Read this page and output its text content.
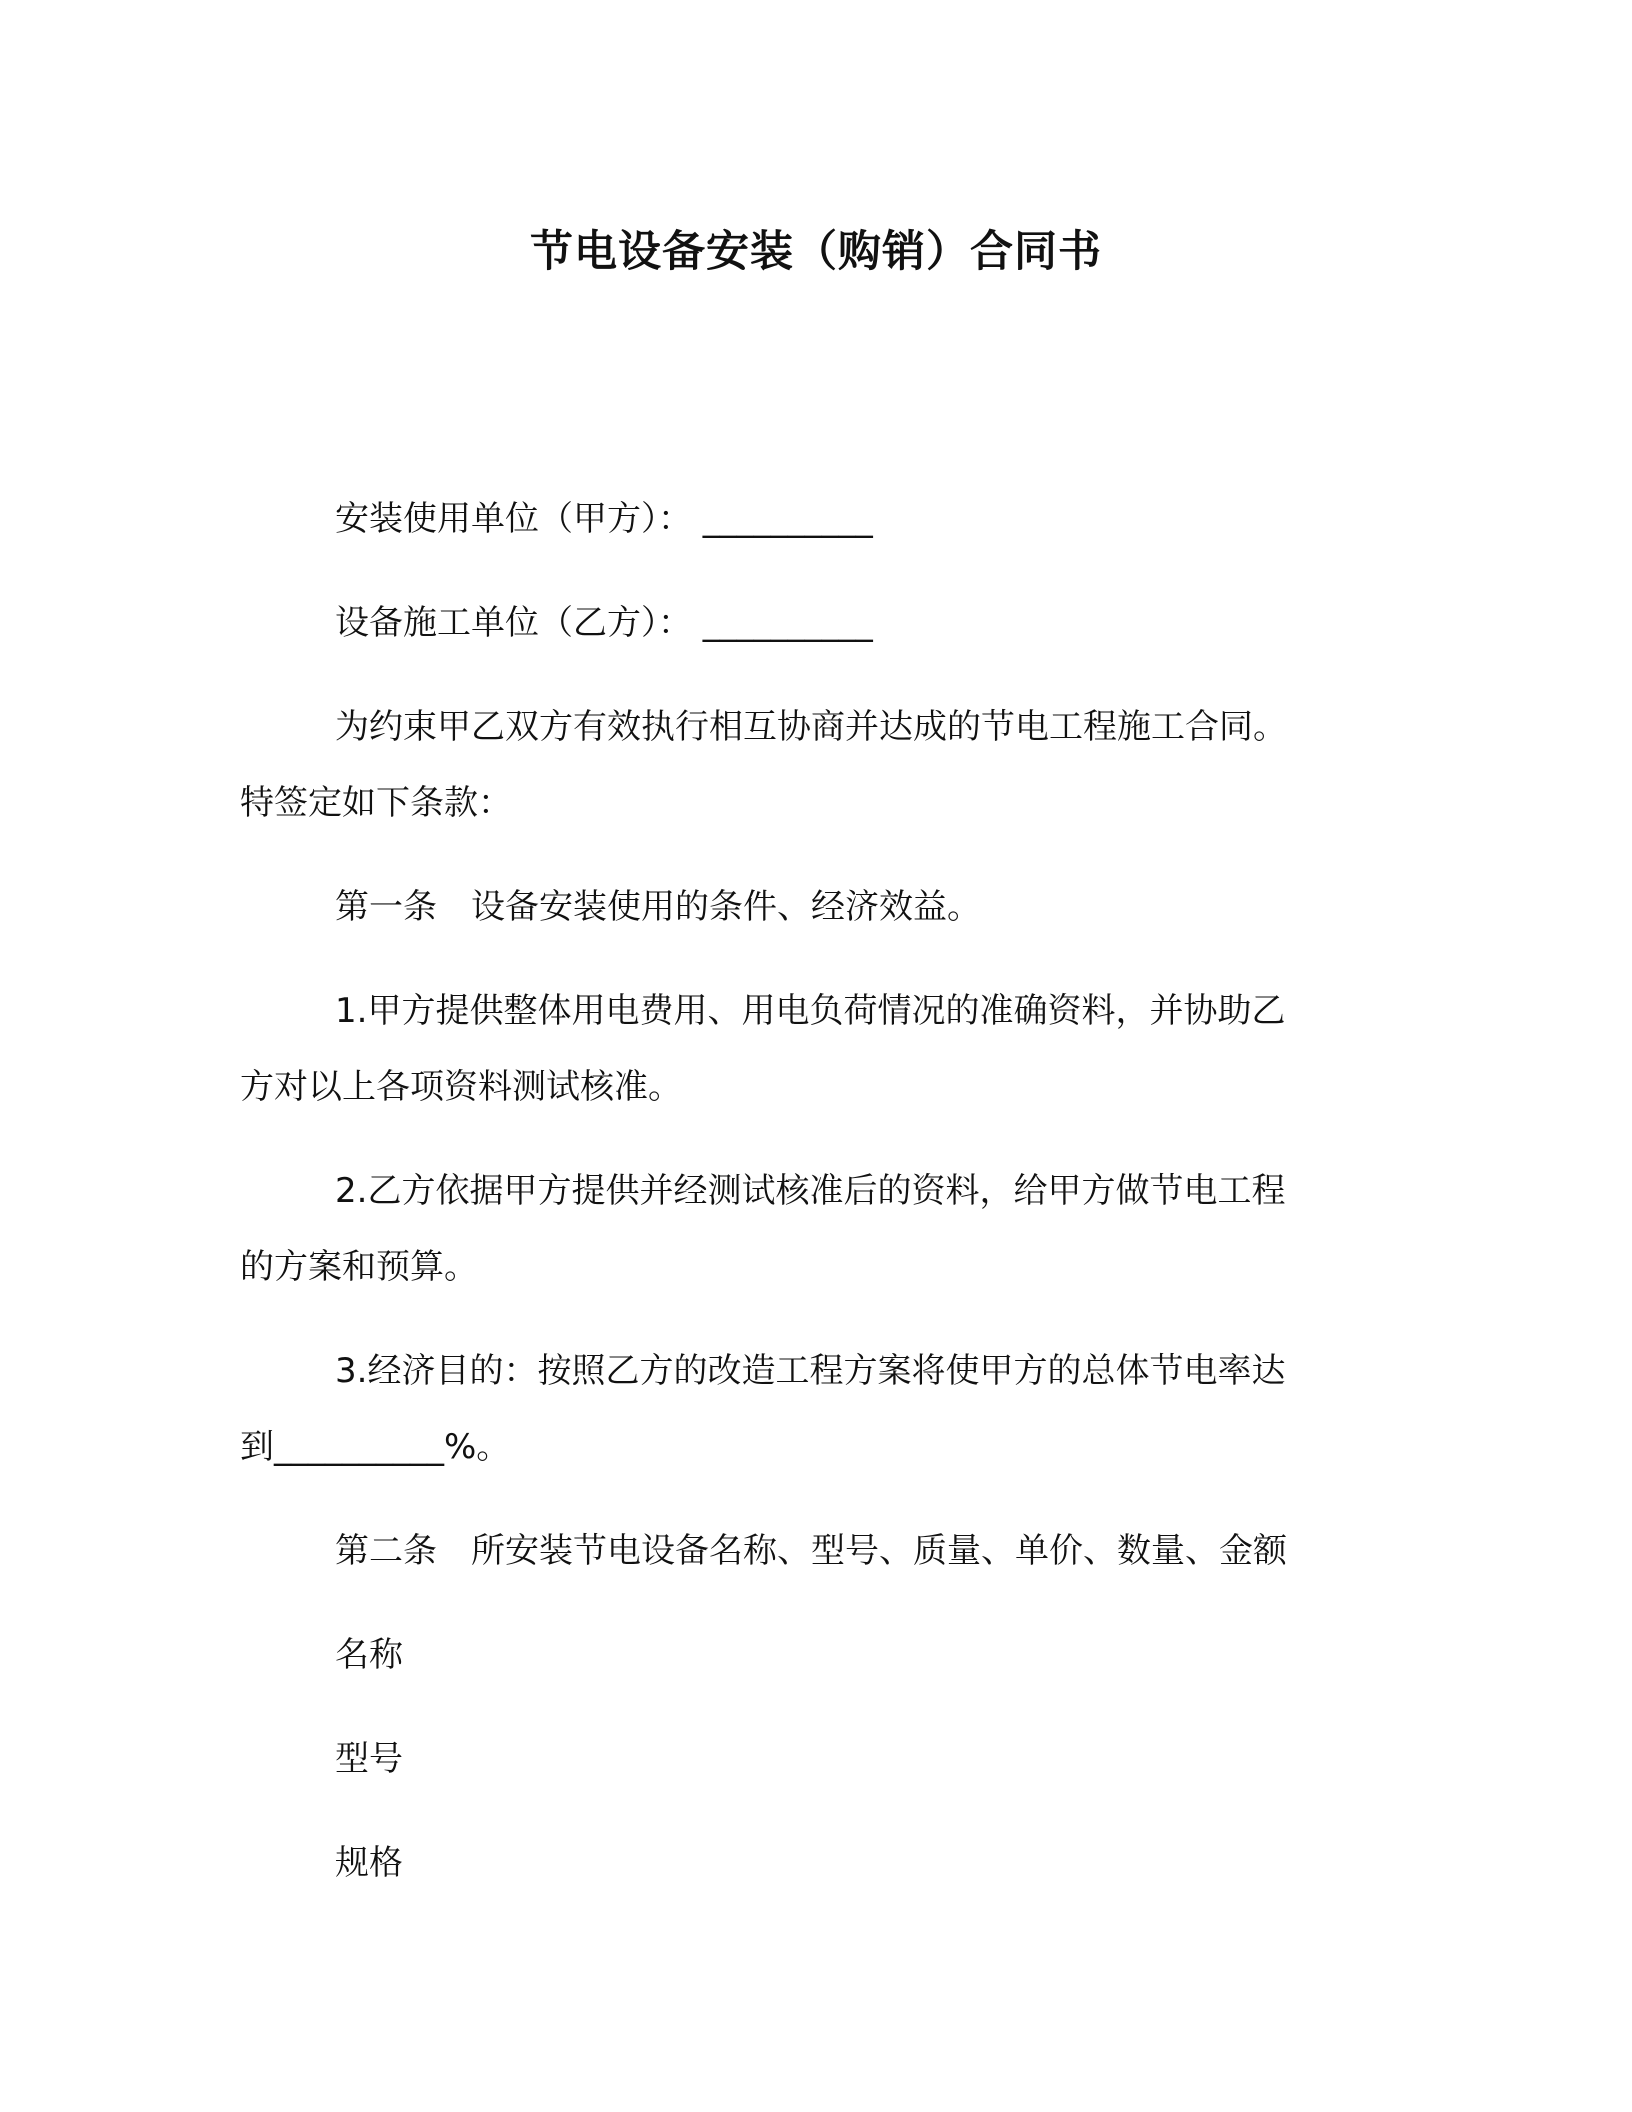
节电设备安装（购销）合同书
安装使用单位（甲方）： __________
设备施工单位（乙方）： __________
为约束甲乙双方有效执行相互协商并达成的节电工程施工合同。
特签定如下条款：
第一条　设备安装使用的条件、经济效益。
1.甲方提供整体用电费用、用电负荷情况的准确资料，并协助乙
方对以上各项资料测试核准。
2.乙方依据甲方提供并经测试核准后的资料，给甲方做节电工程
的方案和预算。
3.经济目的：按照乙方的改造工程方案将使甲方的总体节电率达
到__________%。
第二条　所安装节电设备名称、型号、质量、单价、数量、金额
名称
型号
规格
